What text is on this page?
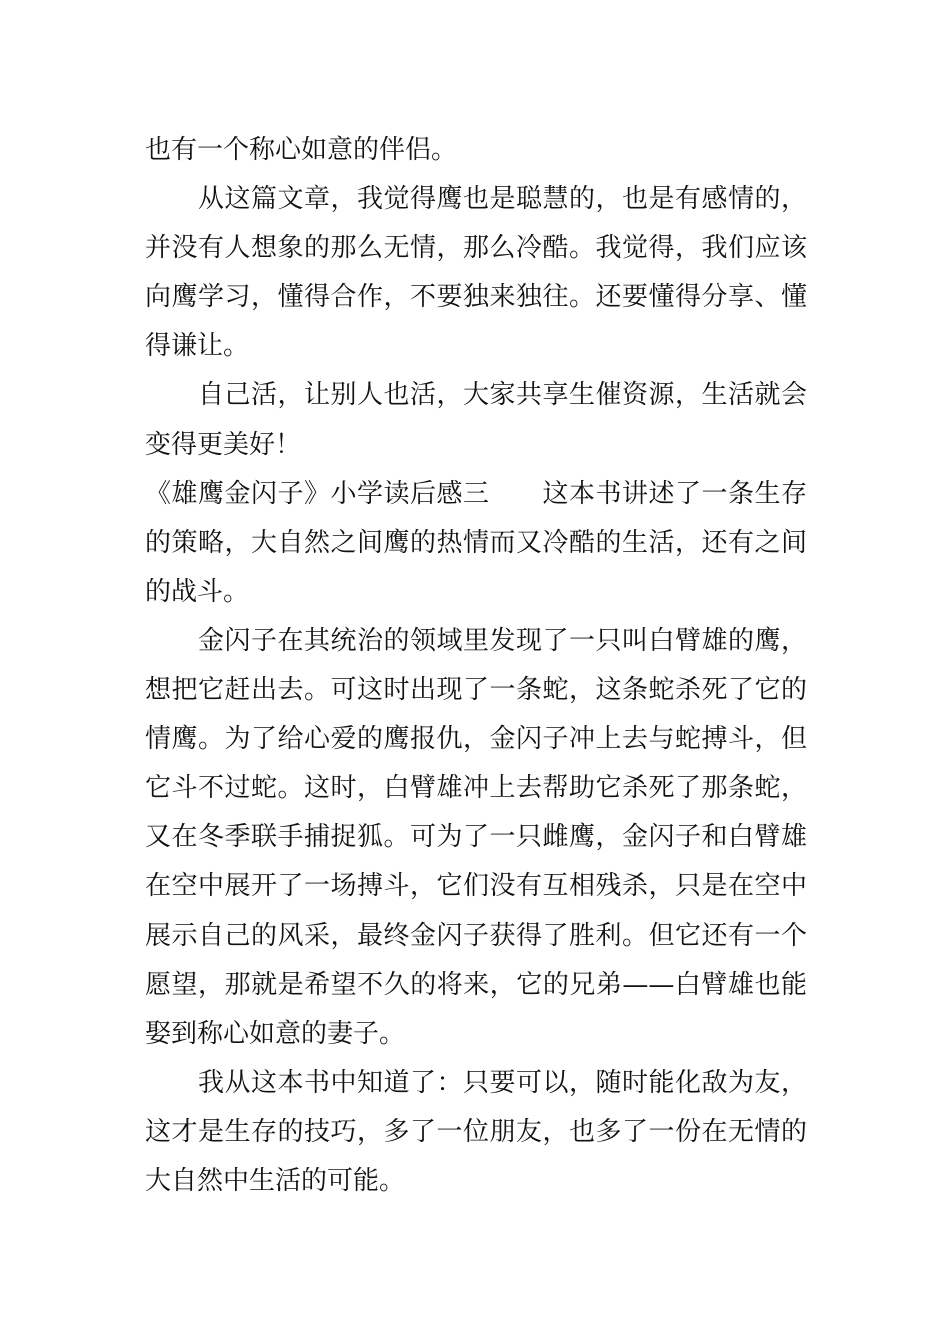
也有一个称心如意的伴侣。
　　从这篇文章，我觉得鹰也是聪慧的，也是有感情的，
并没有人想象的那么无情，那么冷酷。我觉得，我们应该
向鹰学习，懂得合作，不要独来独往。还要懂得分享、懂
得谦让。
　　自己活，让别人也活，大家共享生催资源，生活就会
变得更美好！
《雄鹰金闪子》小学读后感三　　这本书讲述了一条生存
的策略，大自然之间鹰的热情而又冷酷的生活，还有之间
的战斗。
　　金闪子在其统治的领域里发现了一只叫白臂雄的鹰，
想把它赶出去。可这时出现了一条蛇，这条蛇杀死了它的
情鹰。为了给心爱的鹰报仇，金闪子冲上去与蛇搏斗，但
它斗不过蛇。这时，白臂雄冲上去帮助它杀死了那条蛇，
又在冬季联手捕捉狐。可为了一只雌鹰，金闪子和白臂雄
在空中展开了一场搏斗，它们没有互相残杀，只是在空中
展示自己的风采，最终金闪子获得了胜利。但它还有一个
愿望，那就是希望不久的将来，它的兄弟——白臂雄也能
娶到称心如意的妻子。
　　我从这本书中知道了：只要可以，随时能化敌为友，
这才是生存的技巧，多了一位朋友，也多了一份在无情的
大自然中生活的可能。
